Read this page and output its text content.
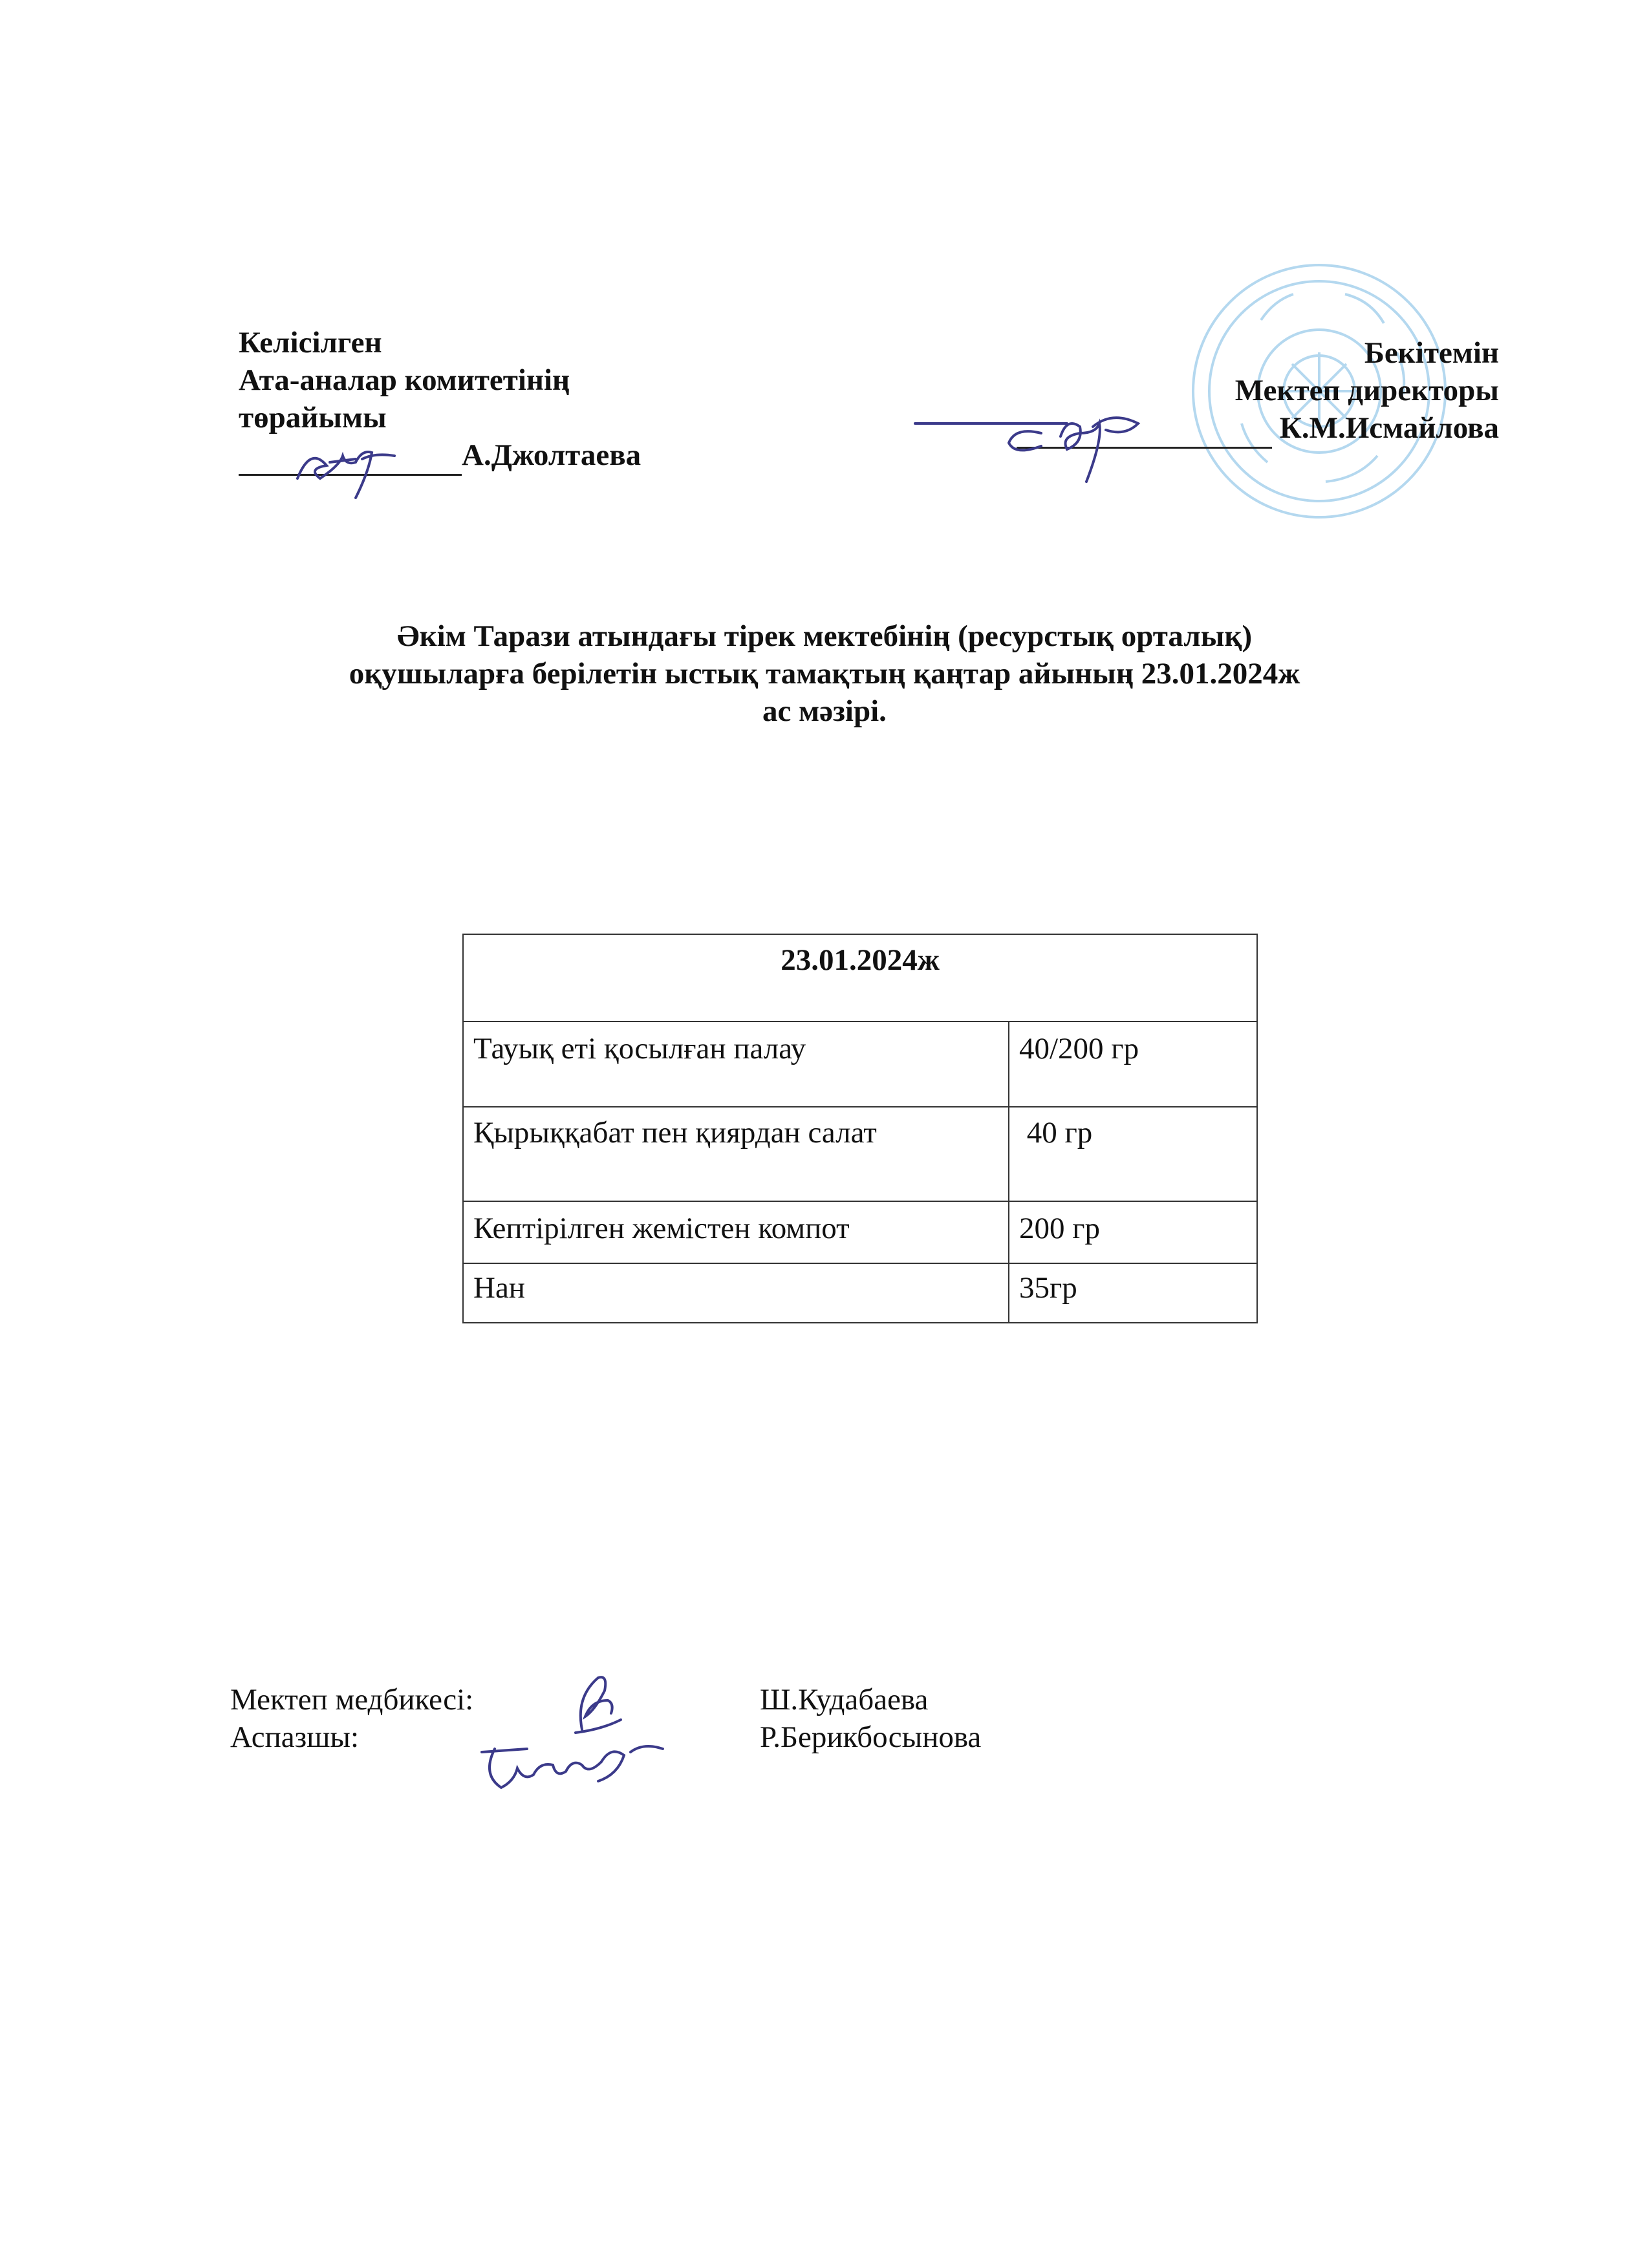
Келісілген
Ата-аналар комитетінің
төрайымы
А.Джолтаева
Бекітемін
Мектеп директоры
К.М.Исмайлова
Әкім Тарази атындағы тірек мектебінің (ресурстық орталық)
оқушыларға берілетін ыстық тамақтың қаңтар айының 23.01.2024ж
ас мәзірі.
23.01.2024ж	
Тауық еті қосылған палау	40/200 гр
Қырыққабат пен қиярдан салат	40 гр
Кептірілген жемістен компот	200 гр
Нан	35гр
Мектеп медбикесі:
Аспазшы:
Ш.Кудабаева
Р.Берикбосынова
